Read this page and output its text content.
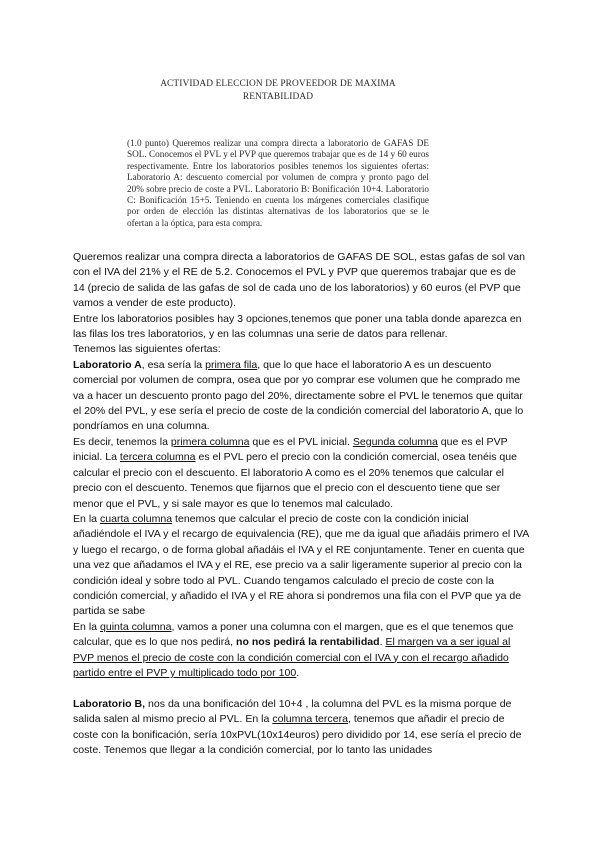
ACTIVIDAD ELECCION DE PROVEEDOR DE MAXIMA
RENTABILIDAD

(1.0 punto) Queremos realizar una compra directa a laboratorio de GAFAS DE SOL. Conocemos el PVL y el PVP que queremos trabajar que es de 14 y 60 euros respectivamente. Entre los laboratorios posibles tenemos los siguientes ofertas: Laboratorio A: descuento comercial por volumen de compra y pronto pago del 20% sobre precio de coste a PVL. Laboratorio B: Bonificación 10+4. Laboratorio C: Bonificación 15+5. Teniendo en cuenta los márgenes comerciales clasifique por orden de elección las distintas alternativas de los laboratorios que se le ofertan a la óptica, para esta compra.

Queremos realizar una compra directa a laboratorios de GAFAS DE SOL, estas gafas de sol van con el IVA del 21% y el RE de 5.2. Conocemos el PVL y PVP que queremos trabajar que es de 14 (precio de salida de las gafas de sol de cada uno de los laboratorios) y 60 euros (el PVP que vamos a vender de este producto).

Entre los laboratorios posibles hay 3 opciones,tenemos que poner una tabla donde aparezca en las filas los tres laboratorios, y en las columnas una serie de datos para rellenar.

Tenemos las siguientes ofertas:

Laboratorio A, esa sería la primera fila, que lo que hace el laboratorio A es un descuento comercial por volumen de compra, osea que por yo comprar ese volumen que he comprado me va a hacer un descuento pronto pago del 20%, directamente sobre el PVL le tenemos que quitar el 20% del PVL, y ese sería el precio de coste de la condición comercial del laboratorio A, que lo pondríamos en una columna.

Es decir, tenemos la primera columna que es el PVL inicial. Segunda columna que es el PVP inicial. La tercera columna es el PVL pero el precio con la condición comercial, osea tenéis que calcular el precio con el descuento. El laboratorio A como es el 20% tenemos que calcular el precio con el descuento. Tenemos que fijarnos que el precio con el descuento tiene que ser menor que el PVL, y si sale mayor es que lo tenemos mal calculado.

En la cuarta columna tenemos que calcular el precio de coste con la condición inicial añadiéndole el IVA y el recargo de equivalencia (RE), que me da igual que añadáis primero el IVA y luego el recargo, o de forma global añadáis el IVA y el RE conjuntamente. Tener en cuenta que una vez que añadamos el IVA y el RE, ese precio va a salir ligeramente superior al precio con la condición ideal y sobre todo al PVL. Cuando tengamos calculado el precio de coste con la condición comercial, y añadido el IVA y el RE ahora si pondremos una fila con el PVP que ya de partida se sabe

En la quinta columna, vamos a poner una columna con el margen, que es el que tenemos que calcular, que es lo que nos pedirá, no nos pedirá la rentabilidad. El margen va a ser igual al PVP menos el precio de coste con la condición comercial con el IVA y con el recargo añadido partido entre el PVP y multiplicado todo por 100.

Laboratorio B, nos da una bonificación del 10+4 , la columna del PVL es la misma porque de salida salen al mismo precio al PVL. En la columna tercera, tenemos que añadir el precio de coste con la bonificación, sería 10xPVL(10x14euros) pero dividido por 14, ese sería el precio de coste. Tenemos que llegar a la condición comercial, por lo tanto las unidades
